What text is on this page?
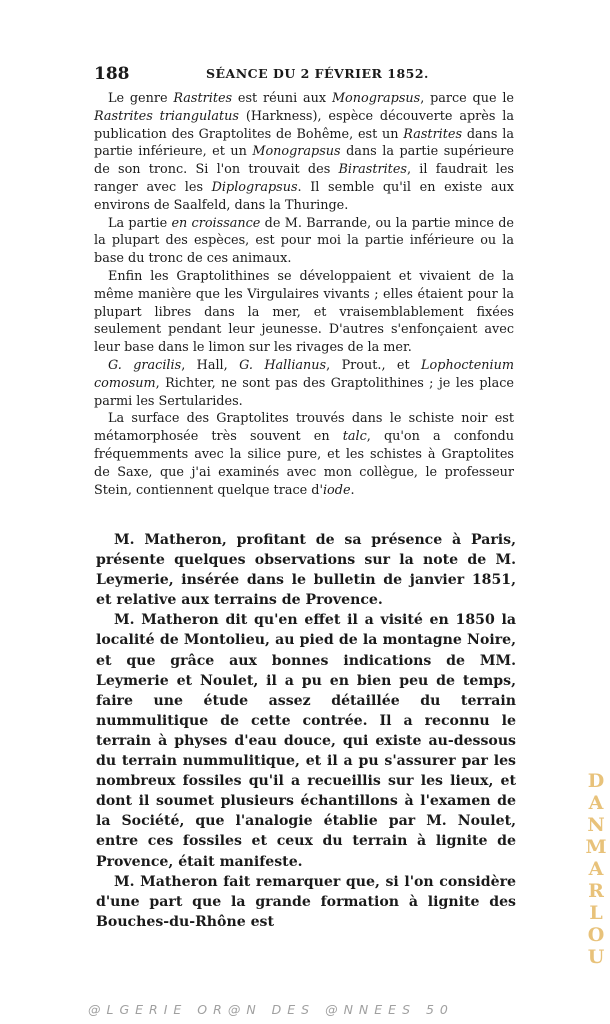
188	SÉANCE DU 2 FÉVRIER 1852.

Le genre Rastrites est réuni aux Monograpsus, parce que le Rastrites triangulatus (Harkness), espèce découverte après la publication des Graptolites de Bohême, est un Rastrites dans la partie inférieure, et un Monograpsus dans la partie supérieure de son tronc. Si l'on trouvait des Birastrites, il faudrait les ranger avec les Diplograpsus. Il semble qu'il en existe aux environs de Saalfeld, dans la Thuringe.

La partie en croissance de M. Barrande, ou la partie mince de la plupart des espèces, est pour moi la partie inférieure ou la base du tronc de ces animaux.

Enfin les Graptolithines se développaient et vivaient de la même manière que les Virgulaires vivants ; elles étaient pour la plupart libres dans la mer, et vraisemblablement fixées seulement pendant leur jeunesse. D'autres s'enfonçaient avec leur base dans le limon sur les rivages de la mer.

G. gracilis, Hall, G. Hallianus, Prout., et Lophoctenium comosum, Richter, ne sont pas des Graptolithines ; je les place parmi les Sertularides.

La surface des Graptolites trouvés dans le schiste noir est métamorphosée très souvent en talc, qu'on a confondu fréquemments avec la silice pure, et les schistes à Graptolites de Saxe, que j'ai examinés avec mon collègue, le professeur Stein, contiennent quelque trace d'iode.

M. Matheron, profitant de sa présence à Paris, présente quelques observations sur la note de M. Leymerie, insérée dans le bulletin de janvier 1851, et relative aux terrains de Provence.

M. Matheron dit qu'en effet il a visité en 1850 la localité de Montolieu, au pied de la montagne Noire, et que grâce aux bonnes indications de MM. Leymerie et Noulet, il a pu en bien peu de temps, faire une étude assez détaillée du terrain nummulitique de cette contrée. Il a reconnu le terrain à physes d'eau douce, qui existe au-dessous du terrain nummulitique, et il a pu s'assurer par les nombreux fossiles qu'il a recueillis sur les lieux, et dont il soumet plusieurs échantillons à l'examen de la Société, que l'analogie établie par M. Noulet, entre ces fossiles et ceux du terrain à lignite de Provence, était manifeste.

M. Matheron fait remarquer que, si l'on considère d'une part que la grande formation à lignite des Bouches-du-Rhône est

D
A
N
M
A
R
L
O
U
@LGERIE OR@N DES @NNEES 50
